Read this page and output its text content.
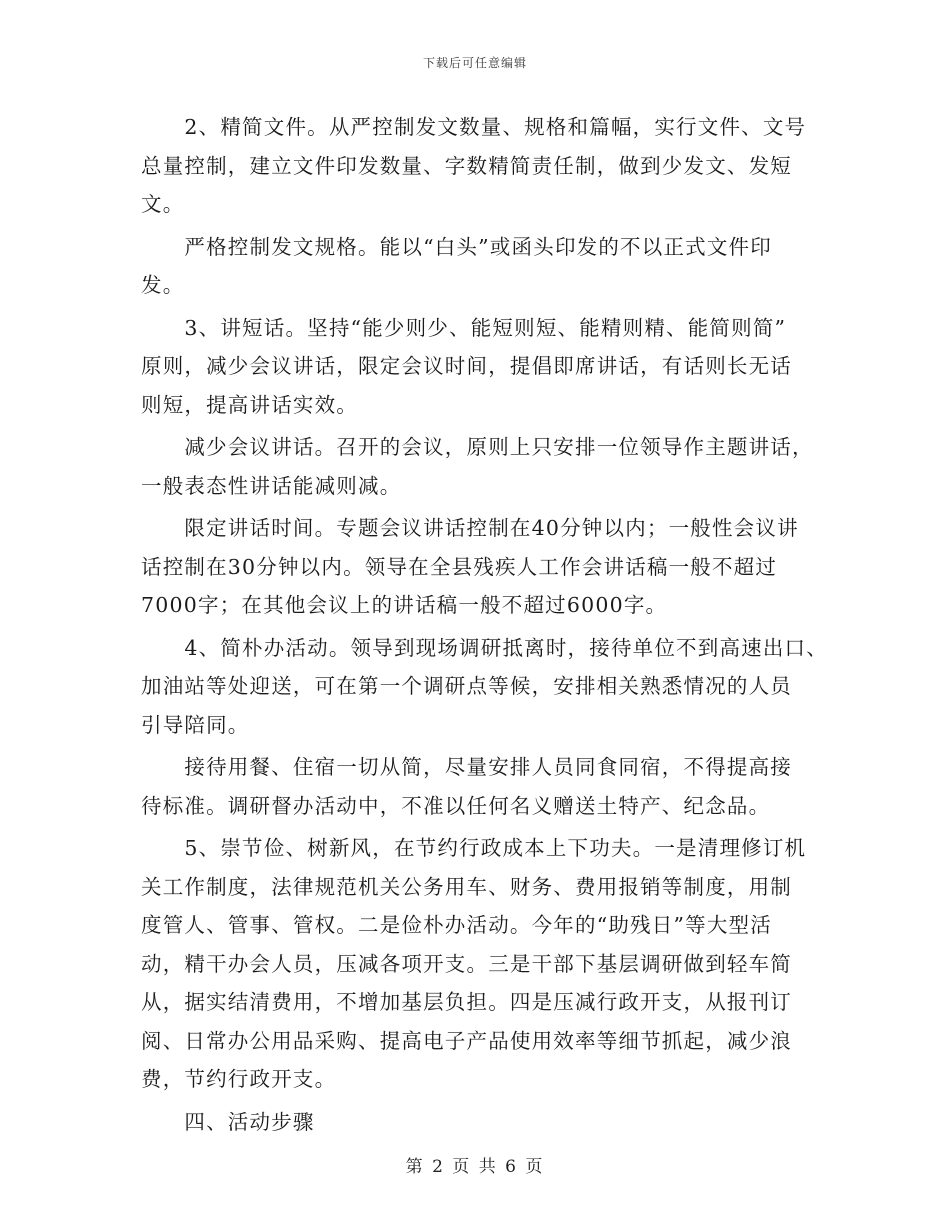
下载后可任意编辑
　　2、精简文件。从严控制发文数量、规格和篇幅，实行文件、文号
总量控制，建立文件印发数量、字数精简责任制，做到少发文、发短
文。
　　严格控制发文规格。能以“白头”或函头印发的不以正式文件印
发。
　　3、讲短话。坚持“能少则少、能短则短、能精则精、能简则简”
原则，减少会议讲话，限定会议时间，提倡即席讲话，有话则长无话
则短，提高讲话实效。
　　减少会议讲话。召开的会议，原则上只安排一位领导作主题讲话，
一般表态性讲话能减则减。
　　限定讲话时间。专题会议讲话控制在40分钟以内；一般性会议讲
话控制在30分钟以内。领导在全县残疾人工作会讲话稿一般不超过
7000字；在其他会议上的讲话稿一般不超过6000字。
　　4、简朴办活动。领导到现场调研抵离时，接待单位不到高速出口、
加油站等处迎送，可在第一个调研点等候，安排相关熟悉情况的人员
引导陪同。
　　接待用餐、住宿一切从简，尽量安排人员同食同宿，不得提高接
待标准。调研督办活动中，不准以任何名义赠送土特产、纪念品。
　　5、崇节俭、树新风，在节约行政成本上下功夫。一是清理修订机
关工作制度，法律规范机关公务用车、财务、费用报销等制度，用制
度管人、管事、管权。二是俭朴办活动。今年的“助残日”等大型活
动，精干办会人员，压减各项开支。三是干部下基层调研做到轻车简
从，据实结清费用，不增加基层负担。四是压减行政开支，从报刊订
阅、日常办公用品采购、提高电子产品使用效率等细节抓起，减少浪
费，节约行政开支。
　　四、活动步骤
第 2 页 共 6 页
